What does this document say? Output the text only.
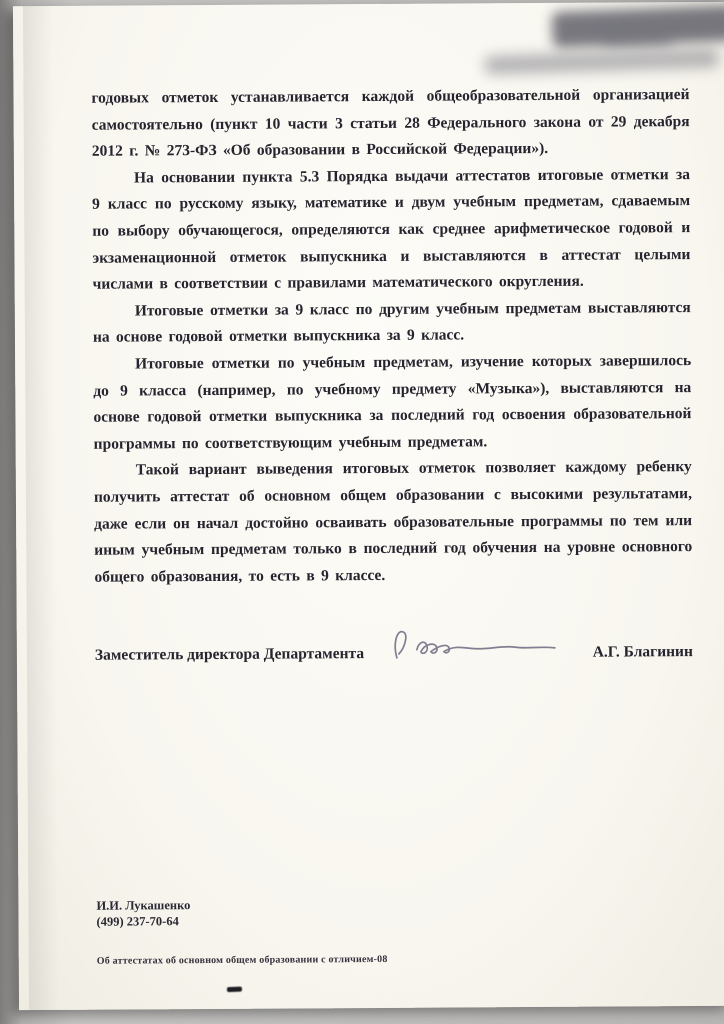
годовых отметок устанавливается каждой общеобразовательной организацией самостоятельно (пункт 10 части 3 статьи 28 Федерального закона от 29 декабря 2012 г. № 273-ФЗ «Об образовании в Российской Федерации»).

На основании пункта 5.3 Порядка выдачи аттестатов итоговые отметки за 9 класс по русскому языку, математике и двум учебным предметам, сдаваемым по выбору обучающегося, определяются как среднее арифметическое годовой и экзаменационной отметок выпускника и выставляются в аттестат целыми числами в соответствии с правилами математического округления.

Итоговые отметки за 9 класс по другим учебным предметам выставляются на основе годовой отметки выпускника за 9 класс.

Итоговые отметки по учебным предметам, изучение которых завершилось до 9 класса (например, по учебному предмету «Музыка»), выставляются на основе годовой отметки выпускника за последний год освоения образовательной программы по соответствующим учебным предметам.

Такой вариант выведения итоговых отметок позволяет каждому ребенку получить аттестат об основном общем образовании с высокими результатами, даже если он начал достойно осваивать образовательные программы по тем или иным учебным предметам только в последний год обучения на уровне основного общего образования, то есть в 9 классе.

Заместитель директора Департамента	А.Г. Благинин
И.И. Лукашенко
(499) 237-70-64
Об аттестатах об основном общем образовании с отличием-08
